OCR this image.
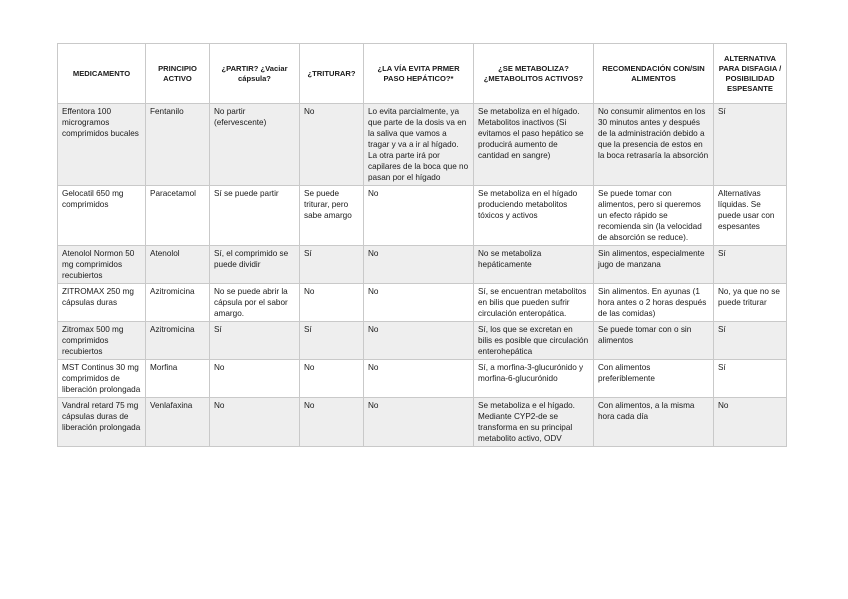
MEDICAMENTO	PRINCIPIO ACTIVO	¿PARTIR? ¿Vaciar cápsula?	¿TRITURAR?	¿LA VÍA EVITA PRMER PASO HEPÁTICO?*	¿SE METABOLIZA? ¿METABOLITOS ACTIVOS?	RECOMENDACIÓN CON/SIN ALIMENTOS	ALTERNATIVA PARA DISFAGIA / POSIBILIDAD ESPESANTE
Effentora 100 microgramos comprimidos bucales	Fentanilo	No partir (efervescente)	No	Lo evita parcialmente, ya que parte de la dosis va en la saliva que vamos a tragar y va a ir al hígado. La otra parte irá por capilares de la boca que no pasan por el hígado	Se metaboliza en el hígado. Metabolitos inactivos (Si evitamos el paso hepático se producirá aumento de cantidad en sangre)	No consumir alimentos en los 30 minutos antes y después de la administración debido a que la presencia de estos en la boca retrasaría la absorción	Sí
Gelocatil 650 mg comprimidos	Paracetamol	Sí se puede partir	Se puede triturar, pero sabe amargo	No	Se metaboliza en el hígado produciendo metabolitos tóxicos y activos	Se puede tomar con alimentos, pero si queremos un efecto rápido se recomienda sin (la velocidad de absorción se reduce).	Alternativas líquidas. Se puede usar con espesantes
Atenolol Normon 50 mg comprimidos recubiertos	Atenolol	Sí, el comprimido se puede dividir	Sí	No	No se metaboliza hepáticamente	Sin alimentos, especialmente jugo de manzana	Sí
ZITROMAX 250 mg cápsulas duras	Azitromicina	No se puede abrir la cápsula por el sabor amargo.	No	No	Sí, se encuentran metabolitos en bilis que pueden sufrir circulación enteropática.	Sin alimentos. En ayunas (1 hora antes o 2 horas después de las comidas)	No, ya que no se puede triturar
Zitromax 500 mg comprimidos recubiertos	Azitromicina	Sí	Sí	No	Sí, los que se excretan en bilis es posible que circulación enterohepática	Se puede tomar con o sin alimentos	Sí
MST Continus 30 mg comprimidos de liberación prolongada	Morfina	No	No	No	Sí, a morfina-3-glucurónido y morfina-6-glucurónido	Con alimentos preferiblemente	Sí
Vandral retard 75 mg cápsulas duras de liberación prolongada	Venlafaxina	No	No	No	Se metaboliza e el hígado. Mediante CYP2-de se transforma en su principal metabolito activo, ODV	Con alimentos, a la misma hora cada día	No
